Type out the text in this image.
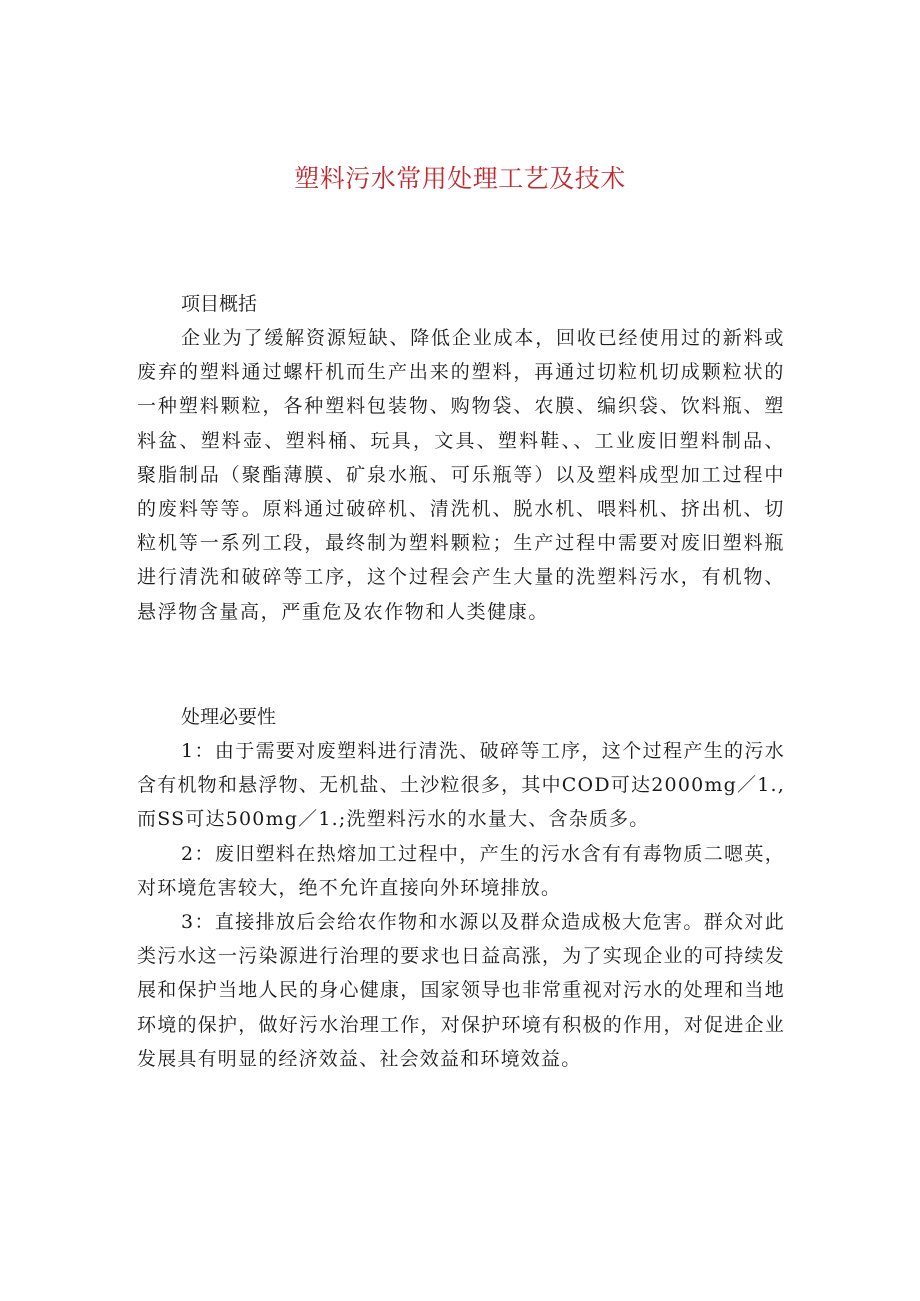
塑料污水常用处理工艺及技术
项目概括

企业为了缓解资源短缺、降低企业成本，回收已经使用过的新料或废弃的塑料通过螺杆机而生产出来的塑料，再通过切粒机切成颗粒状的一种塑料颗粒，各种塑料包装物、购物袋、农膜、编织袋、饮料瓶、塑料盆、塑料壶、塑料桶、玩具，文具、塑料鞋、、工业废旧塑料制品、聚脂制品（聚酯薄膜、矿泉水瓶、可乐瓶等）以及塑料成型加工过程中的废料等等。原料通过破碎机、清洗机、脱水机、喂料机、挤出机、切粒机等一系列工段，最终制为塑料颗粒；生产过程中需要对废旧塑料瓶进行清洗和破碎等工序，这个过程会产生大量的洗塑料污水，有机物、悬浮物含量高，严重危及农作物和人类健康。

处理必要性

1：由于需要对废塑料进行清洗、破碎等工序，这个过程产生的污水含有机物和悬浮物、无机盐、土沙粒很多，其中COD可达2000mg／1.,而SS可达500mg／1.;洗塑料污水的水量大、含杂质多。

2：废旧塑料在热熔加工过程中，产生的污水含有有毒物质二嗯英，对环境危害较大，绝不允许直接向外环境排放。

3：直接排放后会给农作物和水源以及群众造成极大危害。群众对此类污水这一污染源进行治理的要求也日益高涨，为了实现企业的可持续发展和保护当地人民的身心健康，国家领导也非常重视对污水的处理和当地环境的保护，做好污水治理工作，对保护环境有积极的作用，对促进企业发展具有明显的经济效益、社会效益和环境效益。
